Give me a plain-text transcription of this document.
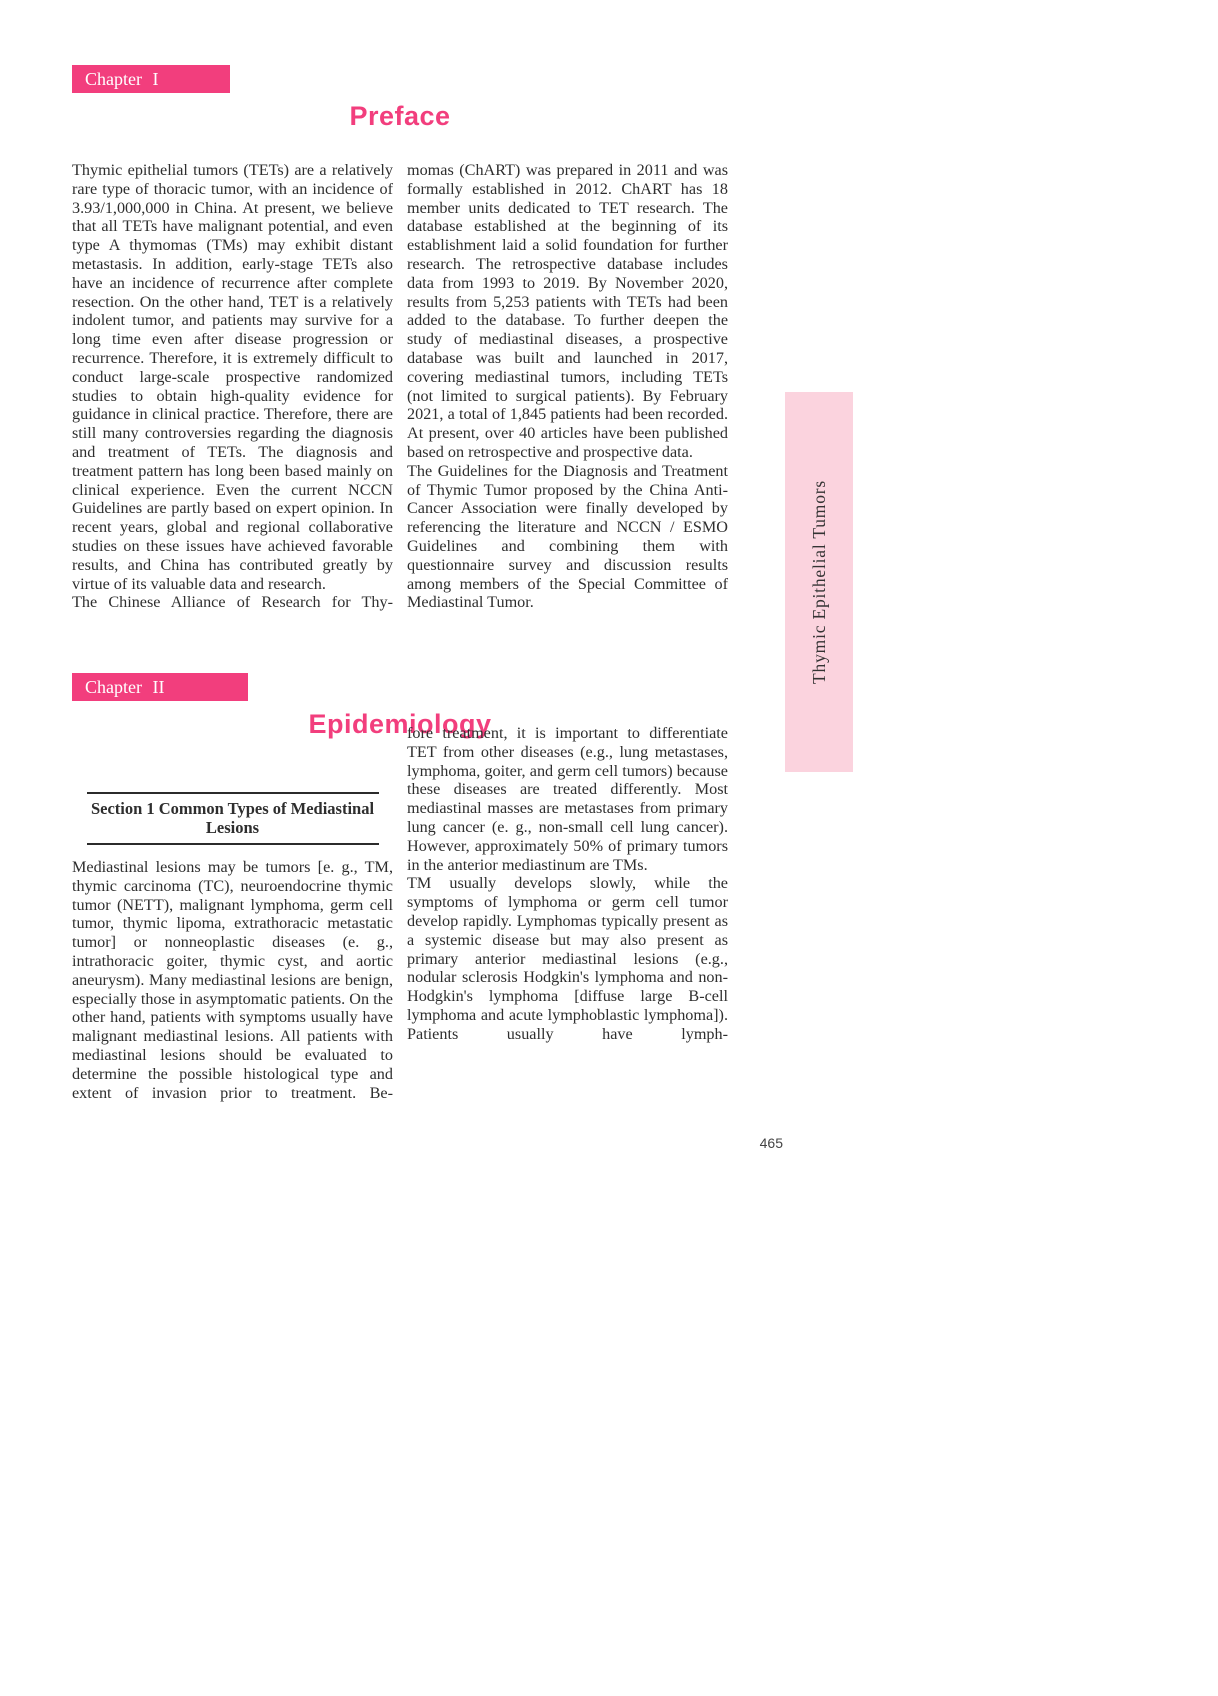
Chapter I
Preface

Thymic epithelial tumors (TETs) are a relatively rare type of thoracic tumor, with an incidence of 3.93/1,000,000 in China. At present, we believe that all TETs have malignant potential, and even type A thymomas (TMs) may exhibit distant metastasis. In addition, early-stage TETs also have an incidence of recurrence after complete resection. On the other hand, TET is a relatively indolent tumor, and patients may survive for a long time even after disease progression or recurrence. Therefore, it is extremely difficult to conduct large-scale prospective randomized studies to obtain high-quality evidence for guidance in clinical practice. Therefore, there are still many controversies regarding the diagnosis and treatment of TETs. The diagnosis and treatment pattern has long been based mainly on clinical experience. Even the current NCCN Guidelines are partly based on expert opinion. In recent years, global and regional collaborative studies on these issues have achieved favorable results, and China has contributed greatly by virtue of its valuable data and research.

The Chinese Alliance of Research for Thy-

momas (ChART) was prepared in 2011 and was formally established in 2012. ChART has 18 member units dedicated to TET research. The database established at the beginning of its establishment laid a solid foundation for further research. The retrospective database includes data from 1993 to 2019. By November 2020, results from 5,253 patients with TETs had been added to the database. To further deepen the study of mediastinal diseases, a prospective database was built and launched in 2017, covering mediastinal tumors, including TETs (not limited to surgical patients). By February 2021, a total of 1,845 patients had been recorded. At present, over 40 articles have been published based on retrospective and prospective data.

The Guidelines for the Diagnosis and Treatment of Thymic Tumor proposed by the China Anti-Cancer Association were finally developed by referencing the literature and NCCN / ESMO Guidelines and combining them with questionnaire survey and discussion results among members of the Special Committee of Mediastinal Tumor.

Chapter II
Epidemiology
Section 1 Common Types of Mediastinal Lesions

Mediastinal lesions may be tumors [e. g., TM, thymic carcinoma (TC), neuroendocrine thymic tumor (NETT), malignant lymphoma, germ cell tumor, thymic lipoma, extrathoracic metastatic tumor] or nonneoplastic diseases (e. g., intrathoracic goiter, thymic cyst, and aortic aneurysm). Many mediastinal lesions are benign, especially those in asymptomatic patients. On the other hand, patients with symptoms usually have malignant mediastinal lesions. All patients with mediastinal lesions should be evaluated to determine the possible histological type and extent of invasion prior to treatment. Be-

fore treatment, it is important to differentiate TET from other diseases (e.g., lung metastases, lymphoma, goiter, and germ cell tumors) because these diseases are treated differently. Most mediastinal masses are metastases from primary lung cancer (e. g., non-small cell lung cancer). However, approximately 50% of primary tumors in the anterior mediastinum are TMs.

TM usually develops slowly, while the symptoms of lymphoma or germ cell tumor develop rapidly. Lymphomas typically present as a systemic disease but may also present as primary anterior mediastinal lesions (e.g., nodular sclerosis Hodgkin's lymphoma and non-Hodgkin's lymphoma [diffuse large B-cell lymphoma and acute lymphoblastic lymphoma]). Patients usually have lymph-

Thymic Epithelial Tumors
465
